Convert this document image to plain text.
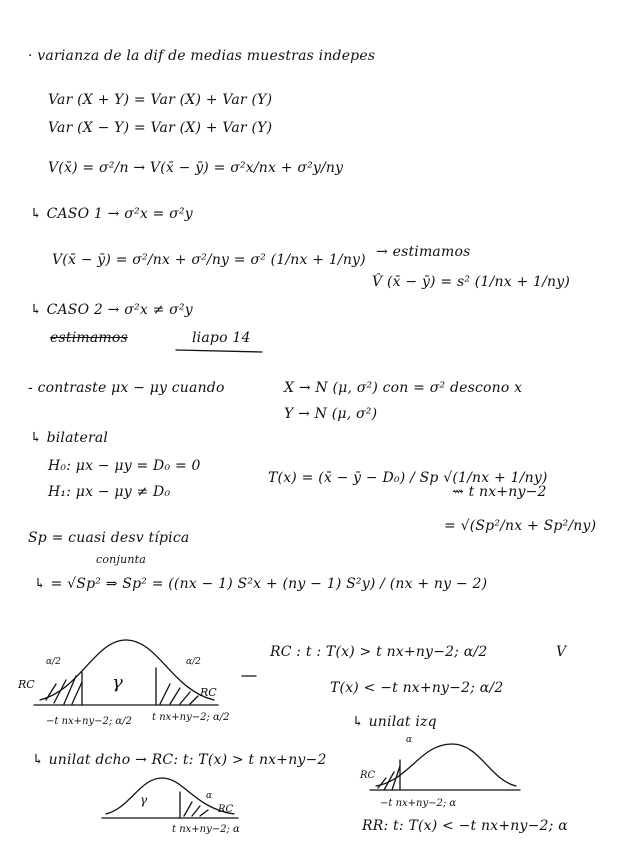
· varianza de la dif de medias muestras indepes
Var (X + Y) = Var (X) + Var (Y)
Var (X − Y) = Var (X) + Var (Y)
V(x̄) = σ²/n → V(x̄ − ȳ) = σ²x/nx + σ²y/ny
↳ CASO 1 → σ²x = σ²y
V(x̄ − ȳ) = σ²/nx + σ²/ny = σ² (1/nx + 1/ny) → estimamos
V̂ (x̄ − ȳ) = s² (1/nx + 1/ny)
↳ CASO 2 → σ²x ≠ σ²y
estimamos	liapo 14
- contraste μx − μy cuando	X → N (μ, σ²) con = σ² descono x
Y → N (μ, σ²)
↳ bilateral
H₀: μx − μy = D₀ = 0
H₁: μx − μy ≠ D₀
T(x) = (x̄ − ȳ − D₀) / Sp √(1/nx + 1/ny)
⇝ t nx+ny−2
= √(Sp²/nx + Sp²/ny)
Sp = cuasi desv típica
conjunta
↳ = √Sp² ⇒ Sp² = ((nx − 1) S²x + (ny − 1) S²y) / (nx + ny − 2)
RC : t : T(x) > t nx+ny−2; α/2	V
T(x) < −t nx+ny−2; α/2
↳ unilat izq
↳ unilat dcho → RC: t: T(x) > t nx+ny−2
RR: t: T(x) < −t nx+ny−2; α
γ
RC
RC
α/2	α/2
−t nx+ny−2; α/2 t nx+ny−2; α/2
γ	α
RC
t nx+ny−2; α
α
RC
−t nx+ny−2; α
